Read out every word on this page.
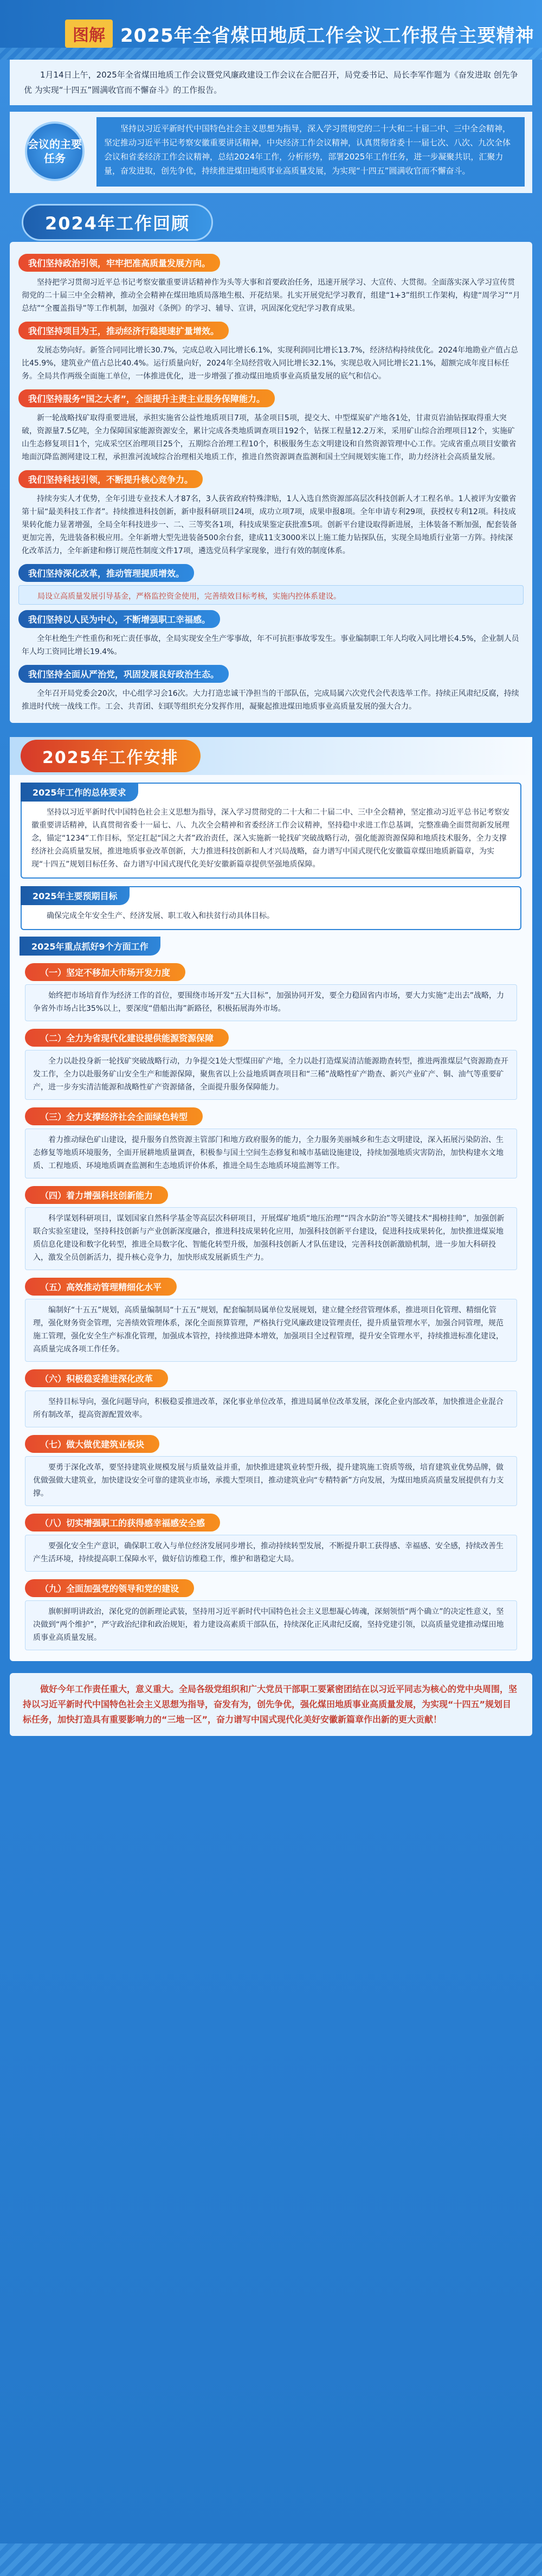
图解 2025年全省煤田地质工作会议工作报告主要精神

1月14日上午，2025年全省煤田地质工作会议暨党风廉政建设工作会议在合肥召开，局党委书记、局长李军作题为《奋发进取 创先争优 为实现“十四五”圆满收官而不懈奋斗》的工作报告。

会议的主要任务

坚持以习近平新时代中国特色社会主义思想为指导，深入学习贯彻党的二十大和二十届二中、三中全会精神，坚定推动习近平书记考察安徽重要讲话精神，中央经济工作会议精神，认真贯彻省委十一届七次、八次、九次全体会议和省委经济工作会议精神，总结2024年工作，分析形势，部署2025年工作任务，进一步凝聚共识，汇聚力量，奋发进取，创先争优，持续推进煤田地质事业高质量发展，为实现“十四五”圆满收官而不懈奋斗。

2024年工作回顾
我们坚持政治引领，牢牢把准高质量发展方向。

坚持把学习贯彻习近平总书记考察安徽重要讲话精神作为头等大事和首要政治任务，迅速开展学习、大宣传、大贯彻。全面落实深入学习宣传贯彻党的二十届三中全会精神，推动全会精神在煤田地质局落地生根、开花结果。扎实开展党纪学习教育，组建“1+3”组织工作架构，构建“周学习”“月总结”“全覆盖指导”等工作机制，加强对《条例》的学习、辅导、宣讲，巩固深化党纪学习教育成果。

我们坚持项目为王，推动经济行稳提速扩量增效。

发展态势向好。新签合同同比增长30.7%，完成总收入同比增长6.1%，实现利润同比增长13.7%，经济结构持续优化。2024年地勘业产值占总比45.9%，建筑业产值占总比40.4%。运行质量向好，2024年全局经营收入同比增长32.1%，实现总收入同比增长21.1%，超额完成年度目标任务。全局共作两级全面施工单位，一体推进优化，进一步增强了推动煤田地质事业高质量发展的底气和信心。

我们坚持服务“国之大者”，全面提升主责主业服务保障能力。

新一轮战略找矿取得重要进展，承担实施省公益性地质项目7项，基金项目5项，提交大、中型煤炭矿产地各1处，甘肃页岩油钻探取得重大突破，资源量7.5亿吨，全力保障国家能源资源安全，累计完成各类地质调查项目192个，钻探工程量12.2万米，采用矿山综合治理项目12个，实施矿山生态修复项目1个，完成采空区治理项目25个，五期综合治理工程10个，积极服务生态文明建设和自然资源管理中心工作。完成省重点项目安徽省地面沉降监测网建设工程，承担淮河流域综合治理相关地质工作，推进自然资源调查监测和国土空间规划实施工作，助力经济社会高质量发展。

我们坚持科技引领，不断提升核心竞争力。

持续夯实人才优势，全年引进专业技术人才87名，3人获省政府特殊津贴，1人入选自然资源部高层次科技创新人才工程名单。1人被评为安徽省第十届“最美科技工作者”。持续推进科技创新，新申报科研项目24项，成功立项7项，成果申报8项。全年申请专利29项，获授权专利12项。科技成果转化能力显著增强，全局全年科技进步一、二、三等奖各1项，科技成果鉴定获批准5项。创新平台建设取得新进展，主体装备不断加强，配套装备更加完善，先进装备积极应用。全年新增大型先进装备500余台套，建成11支3000米以上施工能力钻探队伍，实现全局地质行业第一方阵。持续深化改革活力，全年新建和修订规范性制度文件17项，遴选党员科学家现象，进行有效的制度体系。

我们坚持深化改革，推动管理提质增效。

局设立高质量发展引导基金，严格监控资金使用，完善绩效目标考核，实施内控体系建设。

我们坚持以人民为中心，不断增强职工幸福感。

全年杜绝生产性重伤和死亡责任事故，全局实现安全生产零事故，年不可抗拒事故零发生。事业编制职工年人均收入同比增长4.5%，企业制人员年人均工资同比增长19.4%。

我们坚持全面从严治党，巩固发展良好政治生态。

全年召开局党委会20次，中心组学习会16次。大力打造忠诚干净担当的干部队伍，完成局属六次党代会代表选举工作。持续正风肃纪反腐，持续推进时代统一战线工作。工会、共青团、妇联等组织充分发挥作用，凝聚起推进煤田地质事业高质量发展的强大合力。

2025年工作安排
2025年工作的总体要求

坚持以习近平新时代中国特色社会主义思想为指导，深入学习贯彻党的二十大和二十届二中、三中全会精神，坚定推动习近平总书记考察安徽重要讲话精神，认真贯彻省委十一届七、八、九次全会精神和省委经济工作会议精神，坚持稳中求进工作总基调，完整准确全面贯彻新发展理念，锚定“1234”工作目标，坚定扛起“国之大者”政治责任，深入实施新一轮找矿突破战略行动，强化能源资源保障和地质技术服务，全力支撑经济社会高质量发展，推进地质事业改革创新，大力推进科技创新和人才兴局战略，奋力谱写中国式现代化安徽篇章煤田地质新篇章，为实现“十四五”规划目标任务、奋力谱写中国式现代化美好安徽新篇章提供坚强地质保障。

2025年主要预期目标

确保完成全年安全生产、经济发展、职工收入和扶贫行动具体目标。

2025年重点抓好9个方面工作
（一）坚定不移加大市场开发力度

始终把市场培育作为经济工作的首位，要围绕市场开发“五大目标”，加强协同开发，要全力稳固省内市场，要大力实施“走出去”战略，力争省外市场占比35%以上，要深度“借船出海”新路径，积极拓展海外市场。

（二）全力为省现代化建设提供能源资源保障

全力以赴投身新一轮找矿突破战略行动，力争提交1处大型煤田矿产地，全力以赴打造煤炭清洁能源勘查转型，推进两淮煤层气资源勘查开发工作，全力以赴服务矿山安全生产和能源保障，聚焦省以上公益地质调查项目和“三稀”战略性矿产勘查、新兴产业矿产、铜、油气等重要矿产，进一步夯实清洁能源和战略性矿产资源储备，全面提升服务保障能力。

（三）全力支撑经济社会全面绿色转型

着力推动绿色矿山建设，提升服务自然资源主管部门和地方政府服务的能力，全力服务美丽城乡和生态文明建设，深入拓展污染防治、生态修复等地质环境服务，全面开展耕地质量调查，积极参与国土空间生态修复和城市基础设施建设，持续加强地质灾害防治，加快构建水文地质、工程地质、环境地质调查监测和生态地质评价体系，推进全局生态地质环境监测等工作。

（四）着力增强科技创新能力

科学谋划科研项目，谋划国家自然科学基金等高层次科研项目，开展煤矿地质“地压治理”“四含水防治”等关键技术“揭榜挂帅”，加强创新联合实验室建设，坚持科技创新与产业创新深度融合，推进科技成果转化应用，加强科技创新平台建设，促进科技成果转化，加快推进煤炭地质信息化建设和数字化转型，推进全局数字化、智能化转型升级，加强科技创新人才队伍建设，完善科技创新激励机制，进一步加大科研投入，激发全员创新活力，提升核心竞争力，加快形成发展新质生产力。

（五）高效推动管理精细化水平

编制好“十五五”规划，高质量编制局“十五五”规划，配套编制局属单位发展规划，建立健全经营管理体系，推进项目化管理、精细化管理，强化财务资金管理，完善绩效管理体系，深化全面预算管理，严格执行党风廉政建设管理责任，提升质量管理水平，加强合同管理，规范施工管理，强化安全生产标准化管理，加强成本管控，持续推进降本增效，加强项目全过程管理，提升安全管理水平，持续推进标准化建设，高质量完成各项工作任务。

（六）积极稳妥推进深化改革

坚持目标导向，强化问题导向，积极稳妥推进改革，深化事业单位改革，推进局属单位改革发展，深化企业内部改革，加快推进企业混合所有制改革，提高资源配置效率。

（七）做大做优建筑业板块

要勇于深化改革，要坚持建筑业规模发展与质量效益并重，加快推进建筑业转型升级，提升建筑施工资质等级，培育建筑业优势品牌，做优做强做大建筑业，加快建设安全可靠的建筑业市场，承揽大型项目，推动建筑业向“专精特新”方向发展，为煤田地质高质量发展提供有力支撑。

（八）切实增强职工的获得感幸福感安全感

要强化安全生产意识，确保职工收入与单位经济发展同步增长，推动持续转型发展，不断提升职工获得感、幸福感、安全感，持续改善生产生活环境，持续提高职工保障水平，做好信访维稳工作，维护和谐稳定大局。

（九）全面加强党的领导和党的建设

旗帜鲜明讲政治，深化党的创新理论武装，坚持用习近平新时代中国特色社会主义思想凝心铸魂，深刻领悟“两个确立”的决定性意义，坚决做到“两个维护”，严守政治纪律和政治规矩，着力建设高素质干部队伍，持续深化正风肃纪反腐，坚持党建引领，以高质量党建推动煤田地质事业高质量发展。

做好今年工作责任重大，意义重大。全局各级党组织和广大党员干部职工要紧密团结在以习近平同志为核心的党中央周围，坚持以习近平新时代中国特色社会主义思想为指导，奋发有为，创先争优，强化煤田地质事业高质量发展，为实现“十四五”规划目标任务，加快打造具有重要影响力的“三地一区”，奋力谱写中国式现代化美好安徽新篇章作出新的更大贡献！
